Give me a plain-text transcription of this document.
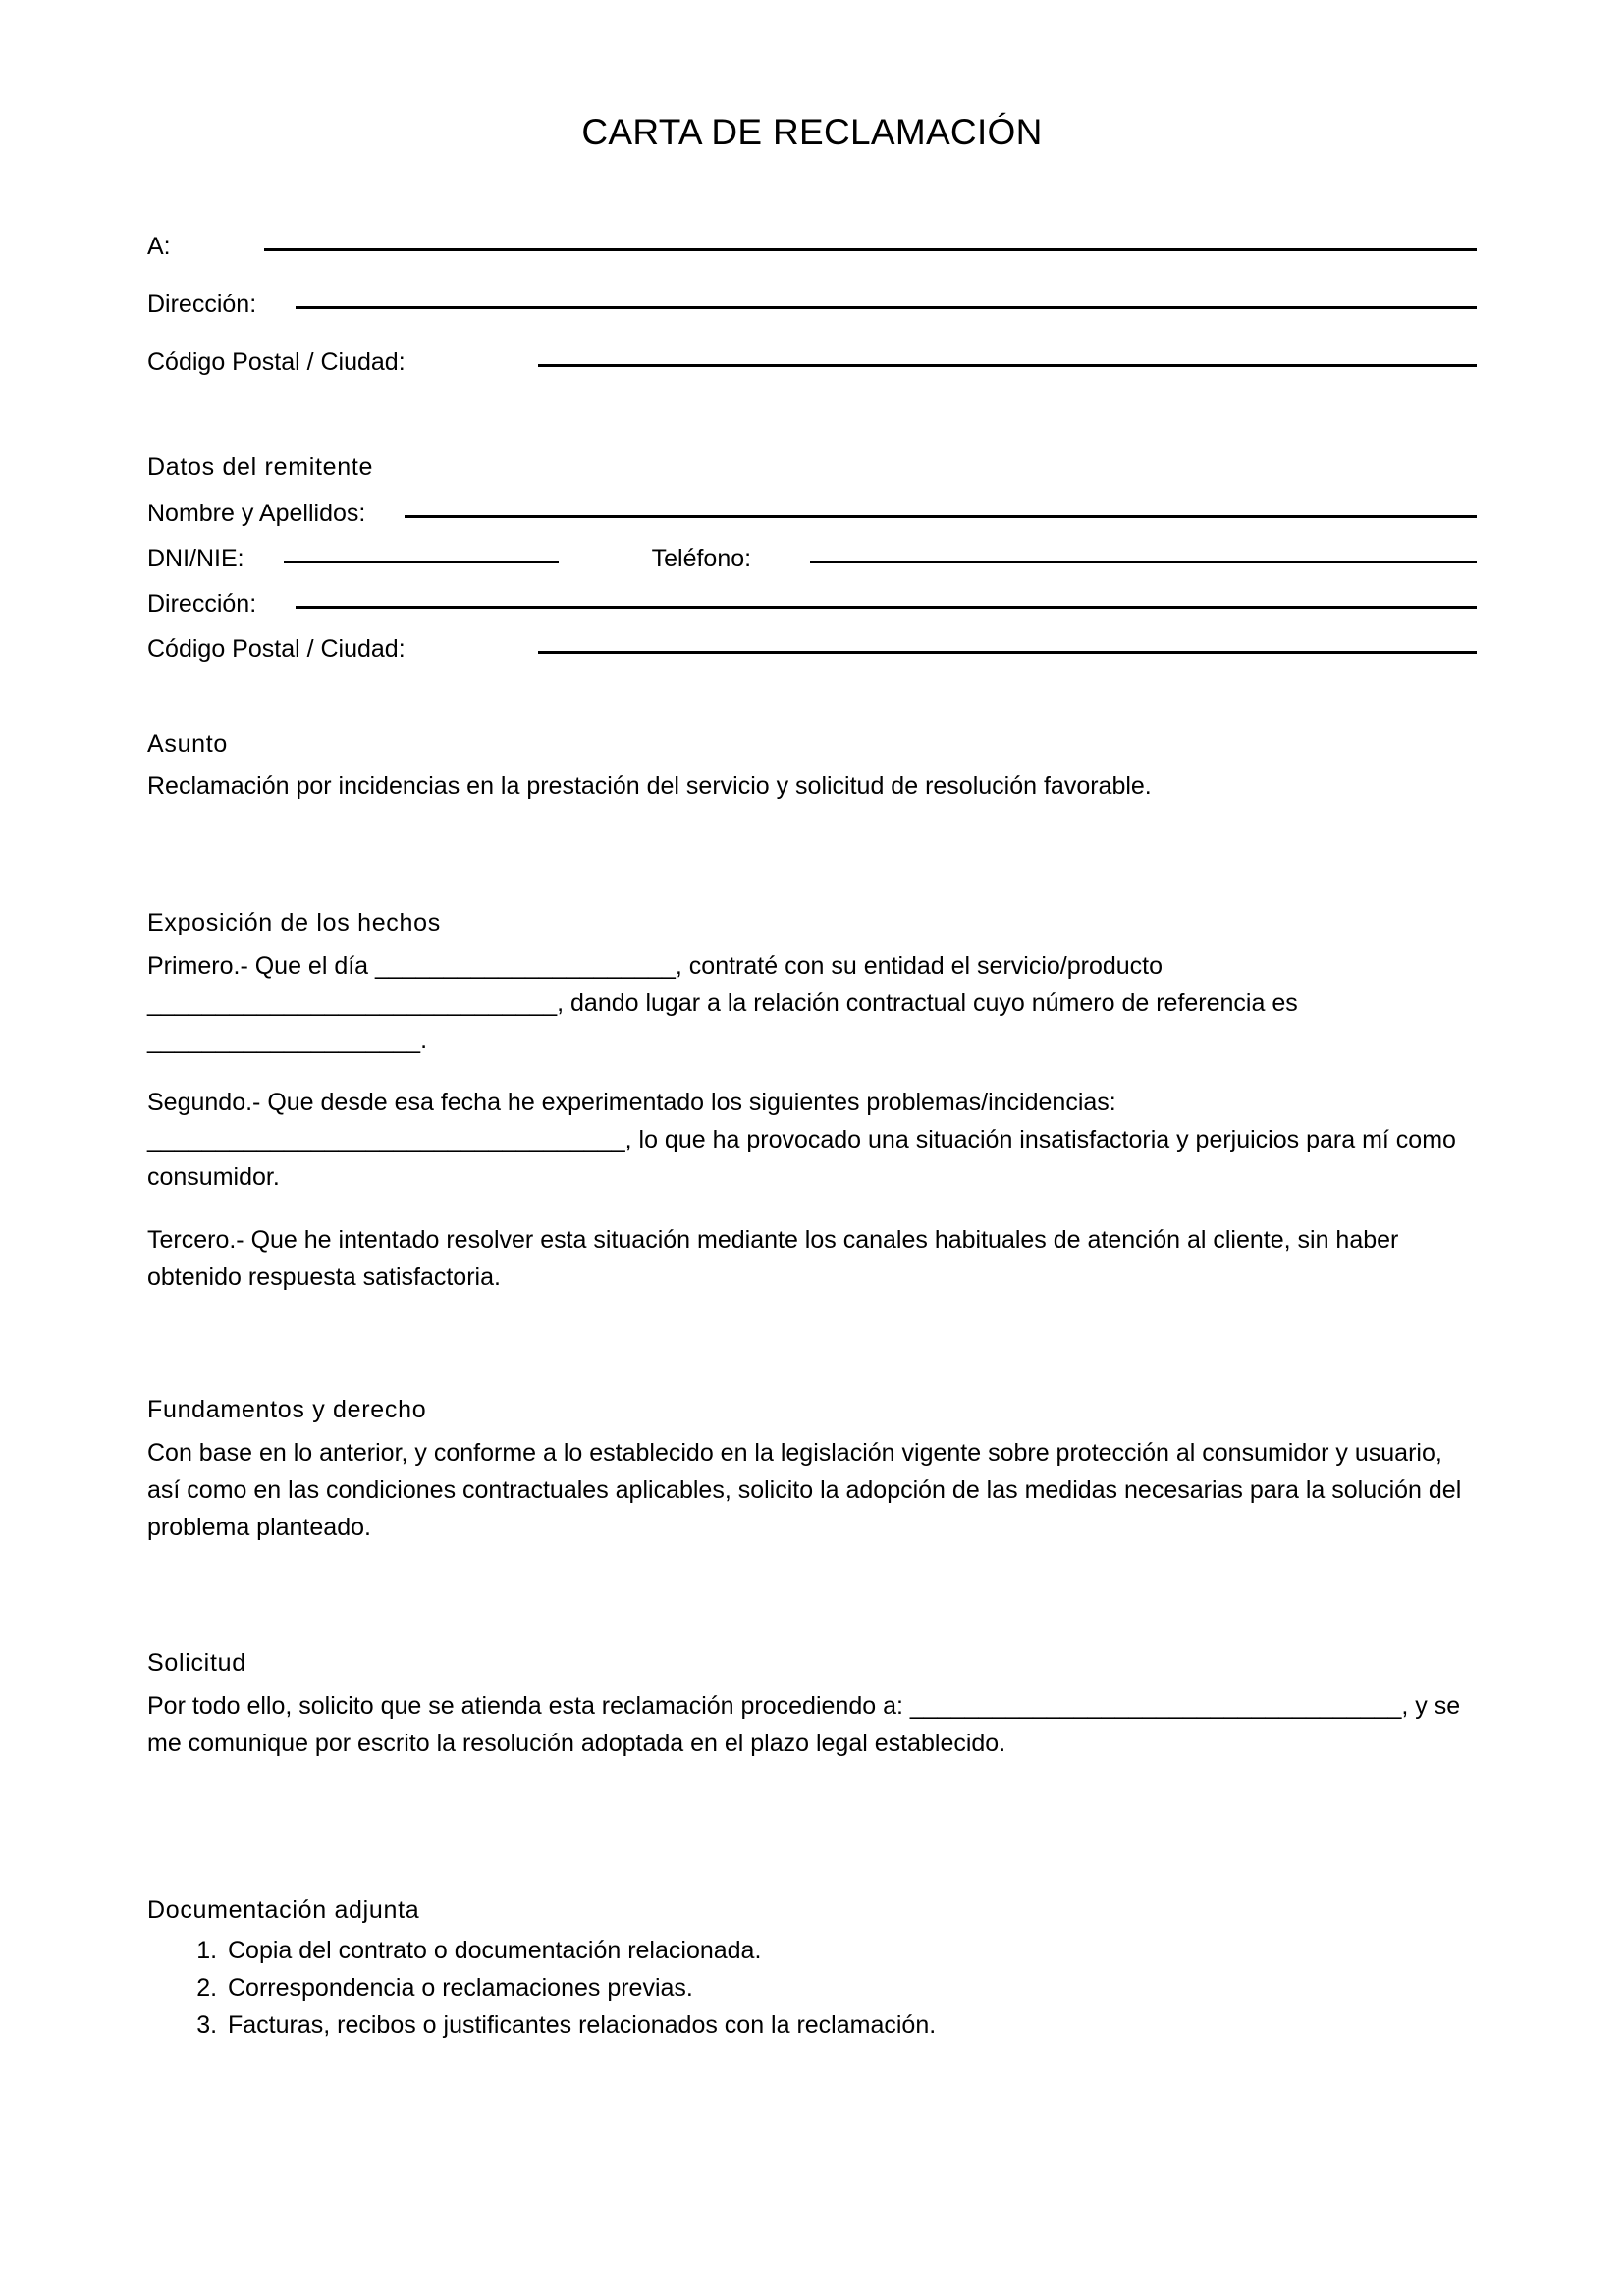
CARTA DE RECLAMACIÓN
A:
Dirección:
Código Postal / Ciudad:
Datos del remitente
Nombre y Apellidos:
DNI/NIE:	Teléfono:
Dirección:
Código Postal / Ciudad:
Asunto
Reclamación por incidencias en la prestación del servicio y solicitud de resolución favorable.
Exposición de los hechos
Primero.- Que el día ______________________, contraté con su entidad el servicio/producto ______________________________, dando lugar a la relación contractual cuyo número de referencia es ____________________.
Segundo.- Que desde esa fecha he experimentado los siguientes problemas/incidencias: ___________________________________, lo que ha provocado una situación insatisfactoria y perjuicios para mí como consumidor.
Tercero.- Que he intentado resolver esta situación mediante los canales habituales de atención al cliente, sin haber obtenido respuesta satisfactoria.
Fundamentos y derecho
Con base en lo anterior, y conforme a lo establecido en la legislación vigente sobre protección al consumidor y usuario, así como en las condiciones contractuales aplicables, solicito la adopción de las medidas necesarias para la solución del problema planteado.
Solicitud
Por todo ello, solicito que se atienda esta reclamación procediendo a: ____________________________________, y se me comunique por escrito la resolución adoptada en el plazo legal establecido.
Documentación adjunta
1. Copia del contrato o documentación relacionada.
2. Correspondencia o reclamaciones previas.
3. Facturas, recibos o justificantes relacionados con la reclamación.
